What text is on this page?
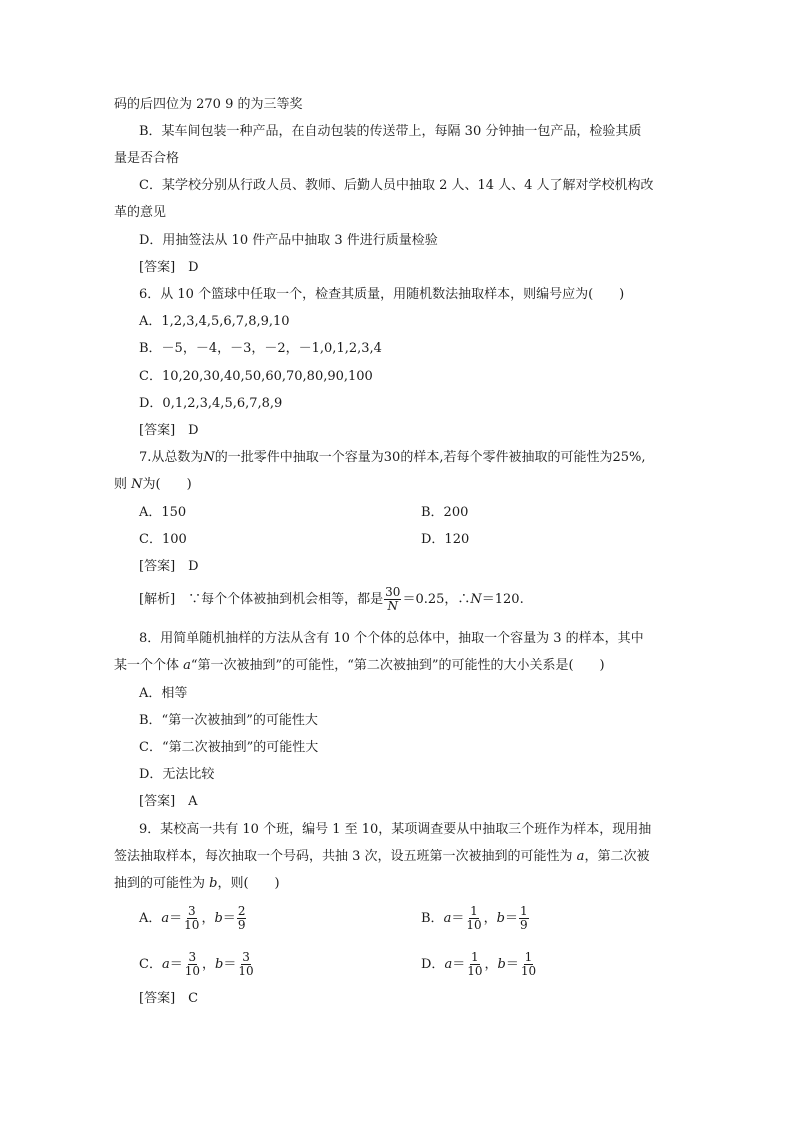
码的后四位为 270 9 的为三等奖
B．某车间包装一种产品，在自动包装的传送带上，每隔 30 分钟抽一包产品，检验其质
量是否合格
C．某学校分别从行政人员、教师、后勤人员中抽取 2 人、14 人、4 人了解对学校机构改
革的意见
D．用抽签法从 10 件产品中抽取 3 件进行质量检验
[答案]　D
6．从 10 个篮球中任取一个，检查其质量，用随机数法抽取样本，则编号应为(　　)
A．1,2,3,4,5,6,7,8,9,10
B．－5，－4，－3，－2，－1,0,1,2,3,4
C．10,20,30,40,50,60,70,80,90,100
D．0,1,2,3,4,5,6,7,8,9
[答案]　D
7.从总数为N的一批零件中抽取一个容量为30的样本,若每个零件被抽取的可能性为25%,
则 N为(　　)
A．150	B．200
C．100	D．120
[答案]　D
[解析]　∵每个个体被抽到机会相等，都是 $\frac{30}{N} =0.25$，∴N＝120.
8．用简单随机抽样的方法从含有 10 个个体的总体中，抽取一个容量为 3 的样本，其中
某一个个体 a“第一次被抽到”的可能性，“第二次被抽到”的可能性的大小关系是(　　)
A．相等
B．“第一次被抽到”的可能性大
C．“第二次被抽到”的可能性大
D．无法比较
[答案]　A
9．某校高一共有 10 个班，编号 1 至 10，某项调查要从中抽取三个班作为样本，现用抽
签法抽取样本，每次抽取一个号码，共抽 3 次，设五班第一次被抽到的可能性为 a，第二次被
抽到的可能性为 b，则(　　)
A．$a= \frac{3}{10}$ ，$b= \frac{2}{9}$	B．$a= \frac{1}{10}$ ，$b= \frac{1}{9}$
C．$a= \frac{3}{10}$ ，$b= \frac{3}{10}$	D．$a= \frac{1}{10}$ ，$b= \frac{1}{10}$
[答案]　C
